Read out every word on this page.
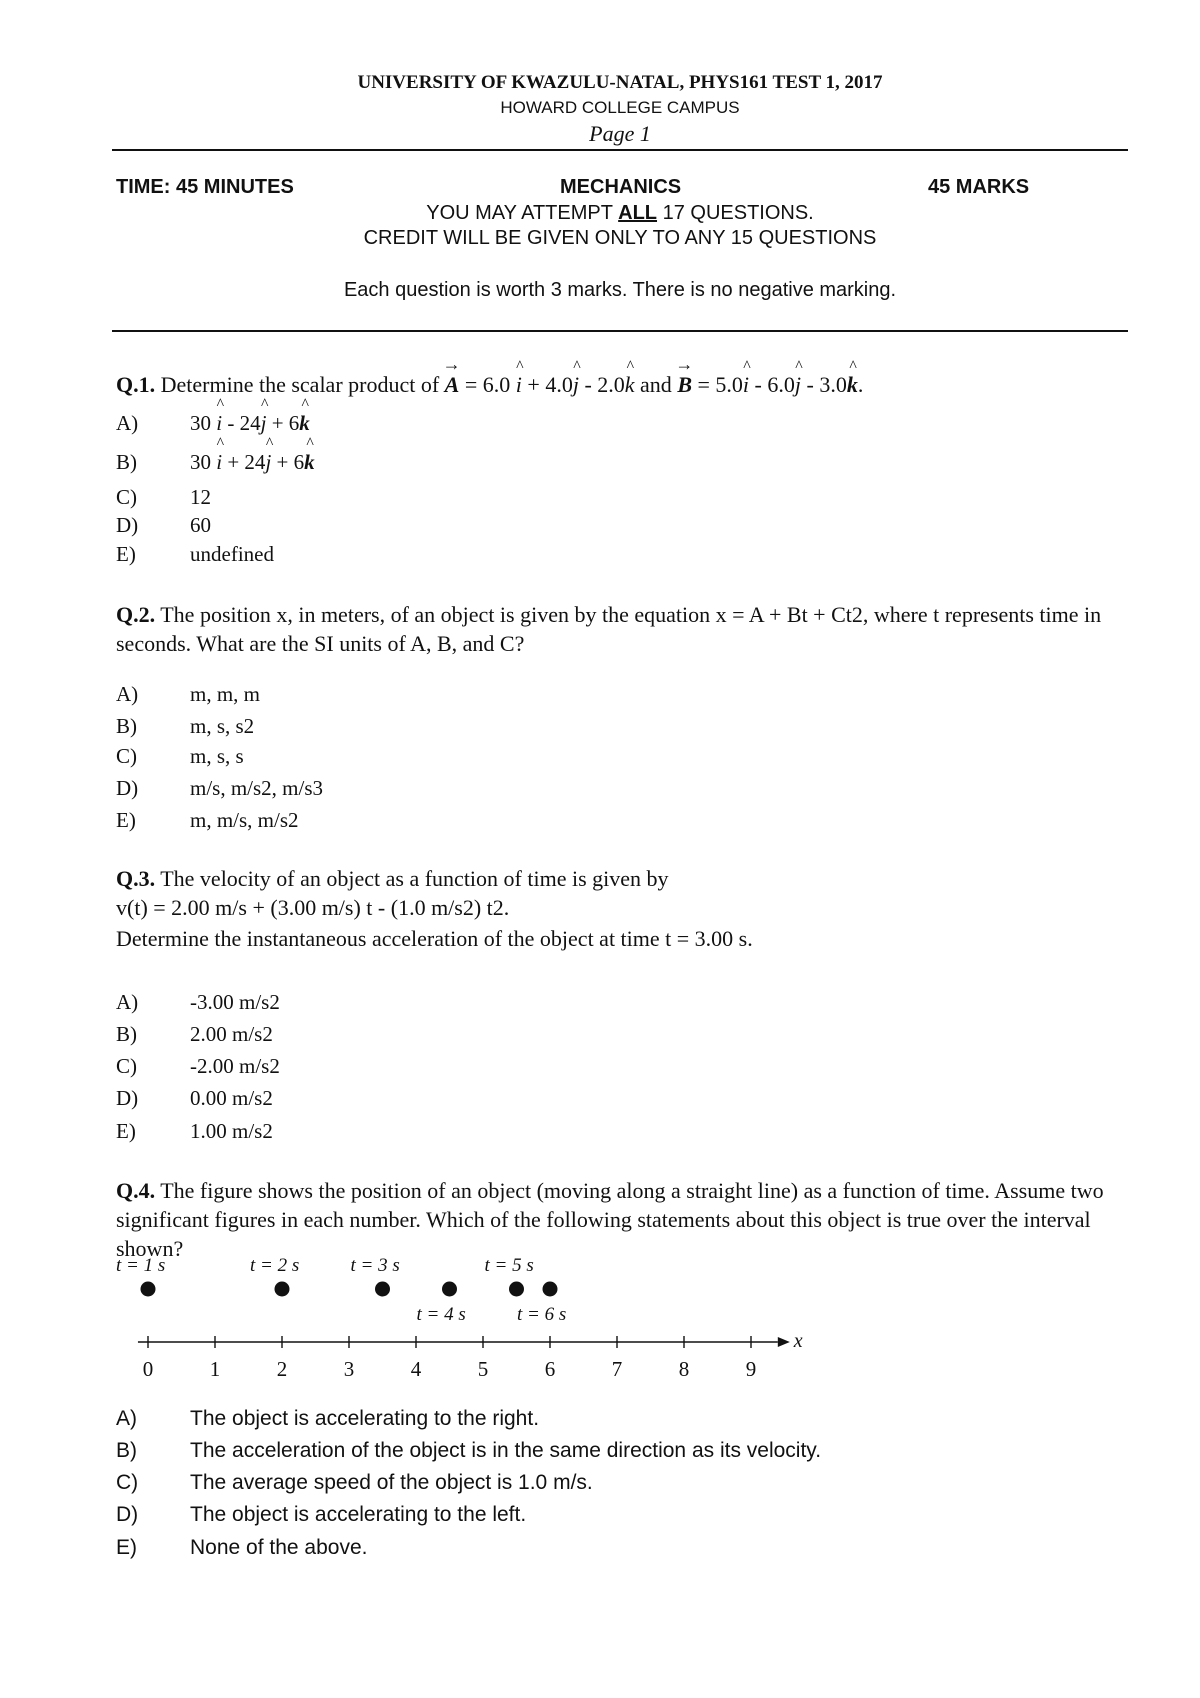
UNIVERSITY OF KWAZULU-NATAL, PHYS161 TEST 1, 2017
HOWARD COLLEGE CAMPUS
Page 1
TIME: 45 MINUTES	MECHANICS	45 MARKS
YOU MAY ATTEMPT ALL 17 QUESTIONS.
CREDIT WILL BE GIVEN ONLY TO ANY 15 QUESTIONS
Each question is worth 3 marks. There is no negative marking.
Q.1. Determine the scalar product of → A = 6.0 ^ i + 4.0^ j - 2.0^ k and → B = 5.0^ i - 6.0^ j - 3.0^ k.
A) 30 ^ i - 24^ j + 6^ k
B)	30 ^ i + 24^ j + 6^ k
C)	12
D) 60
E)	undefined
Q.2. The position x, in meters, of an object is given by the equation x = A + Bt + Ct2, where t represents time in seconds. What are the SI units of A, B, and C?
A) m, m, m
B)	m, s, s2
C)	m, s, s
D) m/s, m/s2, m/s3
E)	m, m/s, m/s2
Q.3. The velocity of an object as a function of time is given by
v(t) = 2.00 m/s + (3.00 m/s) t - (1.0 m/s2) t2.
Determine the instantaneous acceleration of the object at time t = 3.00 s.
A) -3.00 m/s2
B)	2.00 m/s2
C)	-2.00 m/s2
D) 0.00 m/s2
E)	1.00 m/s2
Q.4. The figure shows the position of an object (moving along a straight line) as a function of time. Assume two significant figures in each number. Which of the following statements about this object is true over the interval shown?
x
0	1	2	3	4	5	6	7	8	9
t = 1 s	t = 2 s	t = 3 s	t = 5 s
t = 4 s	t = 6 s
A)	The object is accelerating to the right.
B)	The acceleration of the object is in the same direction as its velocity.
C) The average speed of the object is 1.0 m/s.
D) The object is accelerating to the left.
E)	None of the above.
